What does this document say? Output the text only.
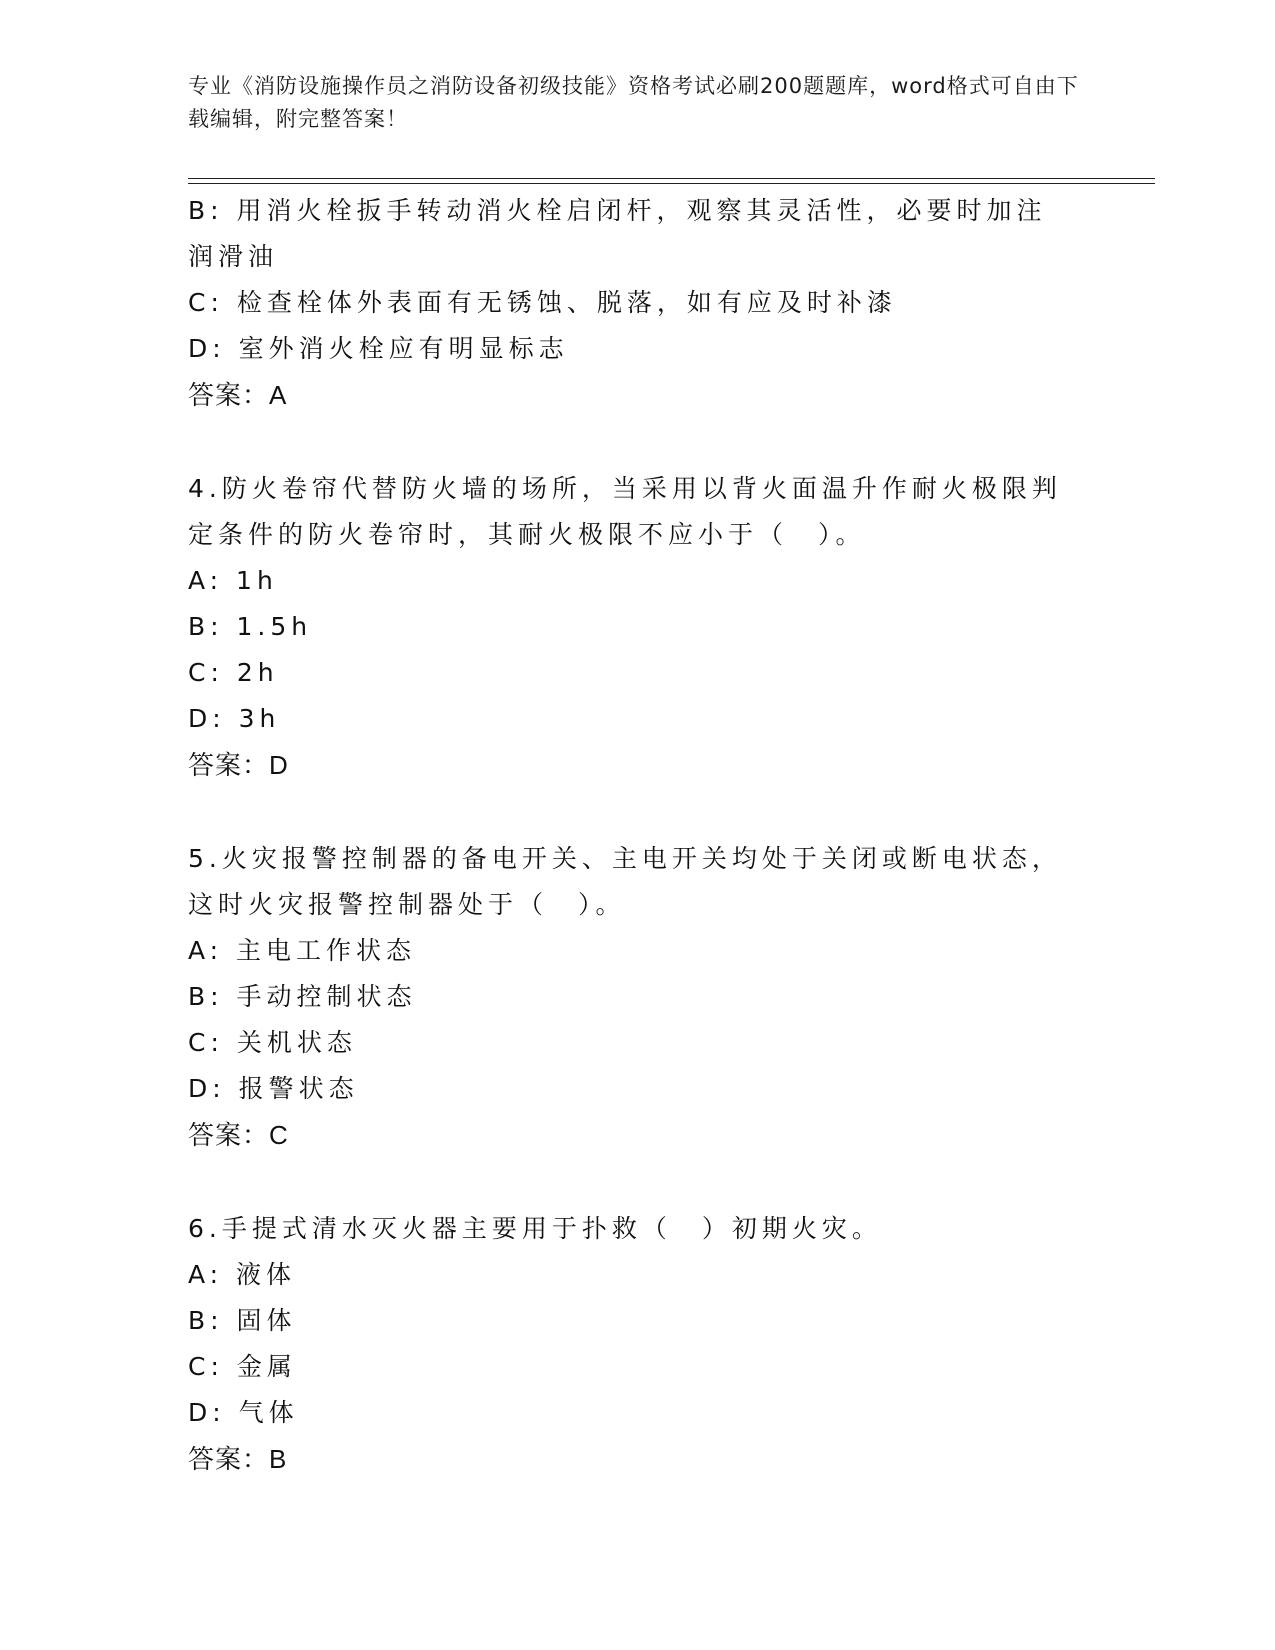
专业《消防设施操作员之消防设备初级技能》资格考试必刷200题题库，word格式可自由下载编辑，附完整答案！
B: 用消火栓扳手转动消火栓启闭杆，观察其灵活性，必要时加注润滑油
C: 检查栓体外表面有无锈蚀、脱落，如有应及时补漆
D: 室外消火栓应有明显标志
答案：A
4.防火卷帘代替防火墙的场所，当采用以背火面温升作耐火极限判定条件的防火卷帘时，其耐火极限不应小于（　）。
A: 1h
B: 1.5h
C: 2h
D: 3h
答案：D
5.火灾报警控制器的备电开关、主电开关均处于关闭或断电状态，这时火灾报警控制器处于（　）。
A: 主电工作状态
B: 手动控制状态
C: 关机状态
D: 报警状态
答案：C
6.手提式清水灭火器主要用于扑救（　）初期火灾。
A: 液体
B: 固体
C: 金属
D: 气体
答案：B
